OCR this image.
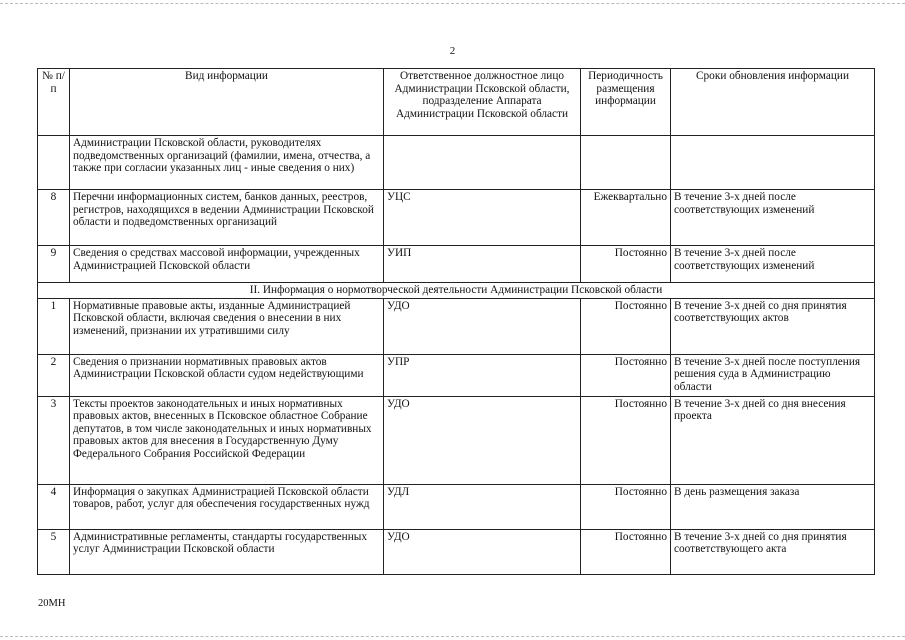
2
№ п/п	Вид информации	Ответственное должностное лицо Администрации Псковской области, подразделение Аппарата Администрации Псковской области	Периодичность размещения информации	Сроки обновления информации
	Администрации Псковской области, руководителях подведомственных организаций (фамилии, имена, отчества, а также при согласии указанных лиц - иные сведения о них)			
8	Перечни информационных систем, банков данных, реестров, регистров, находящихся в ведении Администрации Псковской области и подведомственных организаций	УЦС	Ежеквартально	В течение 3-х дней после соответствующих изменений
9	Сведения о средствах массовой информации, учрежденных Администрацией Псковской области	УИП	Постоянно	В течение 3-х дней после соответствующих изменений
II. Информация о нормотворческой деятельности Администрации Псковской области				
1	Нормативные правовые акты, изданные Администрацией Псковской области, включая сведения о внесении в них изменений, признании их утратившими силу	УДО	Постоянно	В течение 3-х дней со дня принятия соответствующих актов
2	Сведения о признании нормативных правовых актов Администрации Псковской области судом недействующими	УПР	Постоянно	В течение 3-х дней после поступления решения суда в Администрацию области
3	Тексты проектов законодательных и иных нормативных правовых актов, внесенных в Псковское областное Собрание депутатов, в том числе законодательных и иных нормативных правовых актов для внесения в Государственную Думу Федерального Собрания Российской Федерации	УДО	Постоянно	В течение 3-х дней со дня внесения проекта
4	Информация о закупках Администрацией Псковской области товаров, работ, услуг для обеспечения государственных нужд	УДЛ	Постоянно	В день размещения заказа
5	Административные регламенты, стандарты государственных услуг Администрации Псковской области	УДО	Постоянно	В течение 3-х дней со дня принятия соответствующего акта
20МН
